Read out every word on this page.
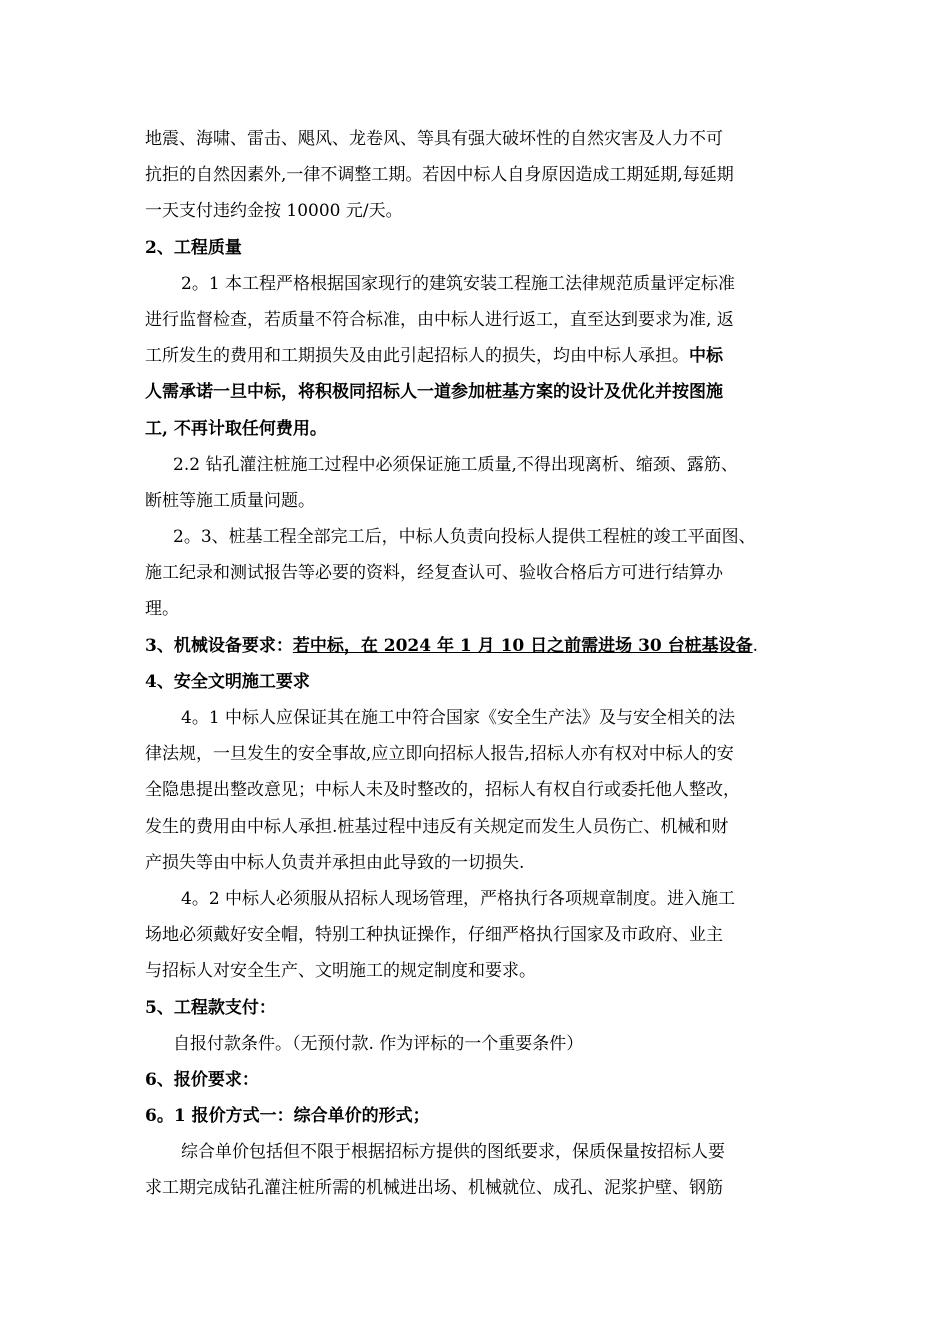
地震、海啸、雷击、飓风、龙卷风、等具有强大破坏性的自然灾害及人力不可
抗拒的自然因素外,一律不调整工期。若因中标人自身原因造成工期延期,每延期
一天支付违约金按 10000 元/天。
2、工程质量
2。1 本工程严格根据国家现行的建筑安装工程施工法律规范质量评定标准
进行监督检查，若质量不符合标准，由中标人进行返工，直至达到要求为准, 返
工所发生的费用和工期损失及由此引起招标人的损失，均由中标人承担。中标
人需承诺一旦中标，将积极同招标人一道参加桩基方案的设计及优化并按图施
工, 不再计取任何费用。
2.2 钻孔灌注桩施工过程中必须保证施工质量,不得出现离析、缩颈、露筋、
断桩等施工质量问题。
2。3、桩基工程全部完工后，中标人负责向投标人提供工程桩的竣工平面图、
施工纪录和测试报告等必要的资料，经复查认可、验收合格后方可进行结算办
理。
3、机械设备要求：若中标，在 2024 年 1 月 10 日之前需进场 30 台桩基设备.
4、安全文明施工要求
4。1 中标人应保证其在施工中符合国家《安全生产法》及与安全相关的法
律法规，一旦发生的安全事故,应立即向招标人报告,招标人亦有权对中标人的安
全隐患提出整改意见；中标人未及时整改的，招标人有权自行或委托他人整改，
发生的费用由中标人承担.桩基过程中违反有关规定而发生人员伤亡、机械和财
产损失等由中标人负责并承担由此导致的一切损失.
4。2 中标人必须服从招标人现场管理，严格执行各项规章制度。进入施工
场地必须戴好安全帽，特别工种执证操作，仔细严格执行国家及市政府、业主
与招标人对安全生产、文明施工的规定制度和要求。
5、工程款支付：
自报付款条件。（无预付款. 作为评标的一个重要条件）
6、报价要求：
6。1 报价方式一：综合单价的形式；
综合单价包括但不限于根据招标方提供的图纸要求，保质保量按招标人要
求工期完成钻孔灌注桩所需的机械进出场、机械就位、成孔、泥浆护壁、钢筋
